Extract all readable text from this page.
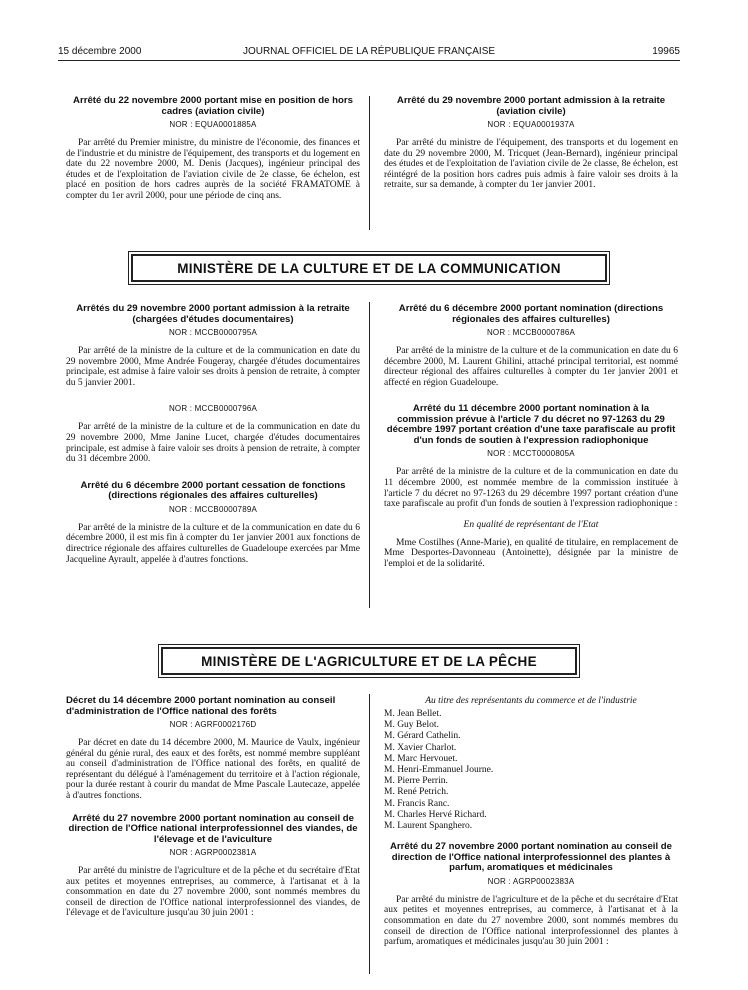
15 décembre 2000	JOURNAL OFFICIEL DE LA RÉPUBLIQUE FRANÇAISE	19965

Arrêté du 22 novembre 2000 portant mise en position de hors cadres (aviation civile)

NOR : EQUA0001885A

Par arrêté du Premier ministre, du ministre de l'économie, des finances et de l'industrie et du ministre de l'équipement, des transports et du logement en date du 22 novembre 2000, M. Denis (Jacques), ingénieur principal des études et de l'exploitation de l'aviation civile de 2e classe, 6e échelon, est placé en position de hors cadres auprès de la société FRAMATOME à compter du 1er avril 2000, pour une période de cinq ans.

Arrêté du 29 novembre 2000 portant admission à la retraite (aviation civile)

NOR : EQUA0001937A

Par arrêté du ministre de l'équipement, des transports et du logement en date du 29 novembre 2000, M. Tricquet (Jean-Bernard), ingénieur principal des études et de l'exploitation de l'aviation civile de 2e classe, 8e échelon, est réintégré de la position hors cadres puis admis à faire valoir ses droits à la retraite, sur sa demande, à compter du 1er janvier 2001.

MINISTÈRE DE LA CULTURE ET DE LA COMMUNICATION

Arrêtés du 29 novembre 2000 portant admission à la retraite (chargées d'études documentaires)

NOR : MCCB0000795A

Par arrêté de la ministre de la culture et de la communication en date du 29 novembre 2000, Mme Andrée Fougeray, chargée d'études documentaires principale, est admise à faire valoir ses droits à pension de retraite, à compter du 5 janvier 2001.

NOR : MCCB0000796A

Par arrêté de la ministre de la culture et de la communication en date du 29 novembre 2000, Mme Janine Lucet, chargée d'études documentaires principale, est admise à faire valoir ses droits à pension de retraite, à compter du 31 décembre 2000.

Arrêté du 6 décembre 2000 portant cessation de fonctions (directions régionales des affaires culturelles)

NOR : MCCB0000789A

Par arrêté de la ministre de la culture et de la communication en date du 6 décembre 2000, il est mis fin à compter du 1er janvier 2001 aux fonctions de directrice régionale des affaires culturelles de Guadeloupe exercées par Mme Jacqueline Ayrault, appelée à d'autres fonctions.

Arrêté du 6 décembre 2000 portant nomination (directions régionales des affaires culturelles)

NOR : MCCB0000786A

Par arrêté de la ministre de la culture et de la communication en date du 6 décembre 2000, M. Laurent Ghilini, attaché principal territorial, est nommé directeur régional des affaires culturelles à compter du 1er janvier 2001 et affecté en région Guadeloupe.

Arrêté du 11 décembre 2000 portant nomination à la commission prévue à l'article 7 du décret no 97-1263 du 29 décembre 1997 portant création d'une taxe parafiscale au profit d'un fonds de soutien à l'expression radiophonique

NOR : MCCT0000805A

Par arrêté de la ministre de la culture et de la communication en date du 11 décembre 2000, est nommée membre de la commission instituée à l'article 7 du décret no 97-1263 du 29 décembre 1997 portant création d'une taxe parafiscale au profit d'un fonds de soutien à l'expression radiophonique :

En qualité de représentant de l'Etat

Mme Costilhes (Anne-Marie), en qualité de titulaire, en remplacement de Mme Desportes-Davonneau (Antoinette), désignée par la ministre de l'emploi et de la solidarité.

MINISTÈRE DE L'AGRICULTURE ET DE LA PÊCHE

Décret du 14 décembre 2000 portant nomination au conseil d'administration de l'Office national des forêts

NOR : AGRF0002176D

Par décret en date du 14 décembre 2000, M. Maurice de Vaulx, ingénieur général du génie rural, des eaux et des forêts, est nommé membre suppléant au conseil d'administration de l'Office national des forêts, en qualité de représentant du délégué à l'aménagement du territoire et à l'action régionale, pour la durée restant à courir du mandat de Mme Pascale Lautecaze, appelée à d'autres fonctions.

Arrêté du 27 novembre 2000 portant nomination au conseil de direction de l'Office national interprofessionnel des viandes, de l'élevage et de l'aviculture

NOR : AGRP0002381A

Par arrêté du ministre de l'agriculture et de la pêche et du secrétaire d'Etat aux petites et moyennes entreprises, au commerce, à l'artisanat et à la consommation en date du 27 novembre 2000, sont nommés membres du conseil de direction de l'Office national interprofessionnel des viandes, de l'élevage et de l'aviculture jusqu'au 30 juin 2001 :

Au titre des représentants du commerce et de l'industrie

M. Jean Bellet.
M. Guy Belot.
M. Gérard Cathelin.
M. Xavier Charlot.
M. Marc Hervouet.
M. Henri-Emmanuel Journe.
M. Pierre Perrin.
M. René Petrich.
M. Francis Ranc.
M. Charles Hervé Richard.
M. Laurent Spanghero.

Arrêté du 27 novembre 2000 portant nomination au conseil de direction de l'Office national interprofessionnel des plantes à parfum, aromatiques et médicinales

NOR : AGRP0002383A

Par arrêté du ministre de l'agriculture et de la pêche et du secrétaire d'Etat aux petites et moyennes entreprises, au commerce, à l'artisanat et à la consommation en date du 27 novembre 2000, sont nommés membres du conseil de direction de l'Office national interprofessionnel des plantes à parfum, aromatiques et médicinales jusqu'au 30 juin 2001 :
